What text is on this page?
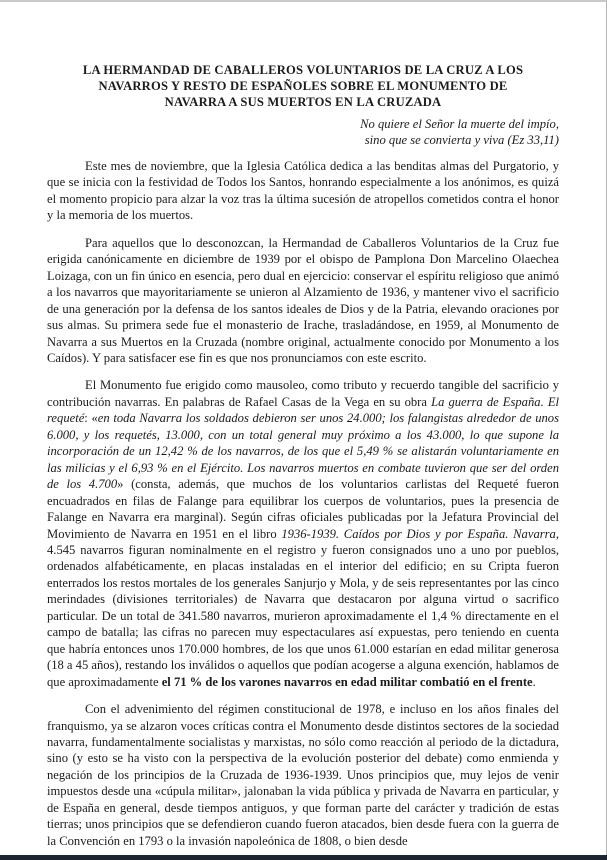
LA HERMANDAD DE CABALLEROS VOLUNTARIOS DE LA CRUZ A LOS NAVARROS Y RESTO DE ESPAÑOLES SOBRE EL MONUMENTO DE NAVARRA A SUS MUERTOS EN LA CRUZADA
No quiere el Señor la muerte del impío,
sino que se convierta y viva (Ez 33,11)

Este mes de noviembre, que la Iglesia Católica dedica a las benditas almas del Purgatorio, y que se inicia con la festividad de Todos los Santos, honrando especialmente a los anónimos, es quizá el momento propicio para alzar la voz tras la última sucesión de atropellos cometidos contra el honor y la memoria de los muertos.

Para aquellos que lo desconozcan, la Hermandad de Caballeros Voluntarios de la Cruz fue erigida canónicamente en diciembre de 1939 por el obispo de Pamplona Don Marcelino Olaechea Loizaga, con un fin único en esencia, pero dual en ejercicio: conservar el espíritu religioso que animó a los navarros que mayoritariamente se unieron al Alzamiento de 1936, y mantener vivo el sacrificio de una generación por la defensa de los santos ideales de Dios y de la Patria, elevando oraciones por sus almas. Su primera sede fue el monasterio de Irache, trasladándose, en 1959, al Monumento de Navarra a sus Muertos en la Cruzada (nombre original, actualmente conocido por Monumento a los Caídos). Y para satisfacer ese fin es que nos pronunciamos con este escrito.

El Monumento fue erigido como mausoleo, como tributo y recuerdo tangible del sacrificio y contribución navarras. En palabras de Rafael Casas de la Vega en su obra La guerra de España. El requeté: «en toda Navarra los soldados debieron ser unos 24.000; los falangistas alrededor de unos 6.000, y los requetés, 13.000, con un total general muy próximo a los 43.000, lo que supone la incorporación de un 12,42 % de los navarros, de los que el 5,49 % se alistarán voluntariamente en las milicias y el 6,93 % en el Ejército. Los navarros muertos en combate tuvieron que ser del orden de los 4.700» (consta, además, que muchos de los voluntarios carlistas del Requeté fueron encuadrados en filas de Falange para equilibrar los cuerpos de voluntarios, pues la presencia de Falange en Navarra era marginal). Según cifras oficiales publicadas por la Jefatura Provincial del Movimiento de Navarra en 1951 en el libro 1936-1939. Caídos por Dios y por España. Navarra, 4.545 navarros figuran nominalmente en el registro y fueron consignados uno a uno por pueblos, ordenados alfabéticamente, en placas instaladas en el interior del edificio; en su Cripta fueron enterrados los restos mortales de los generales Sanjurjo y Mola, y de seis representantes por las cinco merindades (divisiones territoriales) de Navarra que destacaron por alguna virtud o sacrifico particular. De un total de 341.580 navarros, murieron aproximadamente el 1,4 % directamente en el campo de batalla; las cifras no parecen muy espectaculares así expuestas, pero teniendo en cuenta que habría entonces unos 170.000 hombres, de los que unos 61.000 estarían en edad militar generosa (18 a 45 años), restando los inválidos o aquellos que podían acogerse a alguna exención, hablamos de que aproximadamente el 71 % de los varones navarros en edad militar combatió en el frente.

Con el advenimiento del régimen constitucional de 1978, e incluso en los años finales del franquismo, ya se alzaron voces críticas contra el Monumento desde distintos sectores de la sociedad navarra, fundamentalmente socialistas y marxistas, no sólo como reacción al periodo de la dictadura, sino (y esto se ha visto con la perspectiva de la evolución posterior del debate) como enmienda y negación de los principios de la Cruzada de 1936-1939. Unos principios que, muy lejos de venir impuestos desde una «cúpula militar», jalonaban la vida pública y privada de Navarra en particular, y de España en general, desde tiempos antiguos, y que forman parte del carácter y tradición de estas tierras; unos principios que se defendieron cuando fueron atacados, bien desde fuera con la guerra de la Convención en 1793 o la invasión napoleónica de 1808, o bien desde
